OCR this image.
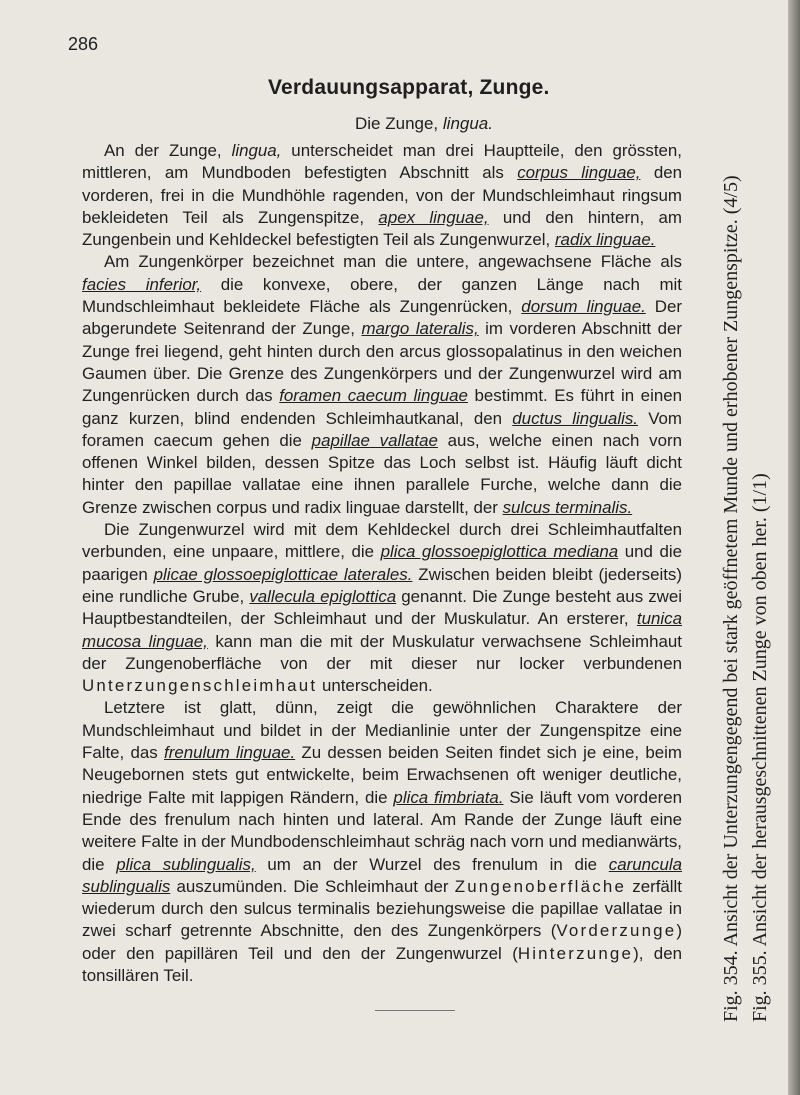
286
Verdauungsapparat, Zunge.
Die Zunge, lingua.

An der Zunge, lingua, unterscheidet man drei Hauptteile, den grössten, mittleren, am Mundboden befestigten Abschnitt als corpus linguae, den vorderen, frei in die Mundhöhle ragenden, von der Mundschleimhaut ringsum bekleideten Teil als Zungenspitze, apex linguae, und den hintern, am Zungenbein und Kehldeckel befestigten Teil als Zungenwurzel, radix linguae.

Am Zungenkörper bezeichnet man die untere, angewachsene Fläche als facies inferior, die konvexe, obere, der ganzen Länge nach mit Mundschleimhaut bekleidete Fläche als Zungenrücken, dorsum linguae. Der abgerundete Seitenrand der Zunge, margo lateralis, im vorderen Abschnitt der Zunge frei liegend, geht hinten durch den arcus glossopalatinus in den weichen Gaumen über. Die Grenze des Zungenkörpers und der Zungenwurzel wird am Zungenrücken durch das foramen caecum linguae bestimmt. Es führt in einen ganz kurzen, blind endenden Schleimhautkanal, den ductus lingualis. Vom foramen caecum gehen die papillae vallatae aus, welche einen nach vorn offenen Winkel bilden, dessen Spitze das Loch selbst ist. Häufig läuft dicht hinter den papillae vallatae eine ihnen parallele Furche, welche dann die Grenze zwischen corpus und radix linguae darstellt, der sulcus terminalis.

Die Zungenwurzel wird mit dem Kehldeckel durch drei Schleimhautfalten verbunden, eine unpaare, mittlere, die plica glossoepiglottica mediana und die paarigen plicae glossoepiglotticae laterales. Zwischen beiden bleibt (jederseits) eine rundliche Grube, vallecula epiglottica genannt. Die Zunge besteht aus zwei Hauptbestandteilen, der Schleimhaut und der Muskulatur. An ersterer, tunica mucosa linguae, kann man die mit der Muskulatur verwachsene Schleimhaut der Zungenoberfläche von der mit dieser nur locker verbundenen Unterzungenschleimhaut unterscheiden.

Letztere ist glatt, dünn, zeigt die gewöhnlichen Charaktere der Mundschleimhaut und bildet in der Medianlinie unter der Zungenspitze eine Falte, das frenulum linguae. Zu dessen beiden Seiten findet sich je eine, beim Neugebornen stets gut entwickelte, beim Erwachsenen oft weniger deutliche, niedrige Falte mit lappigen Rändern, die plica fimbriata. Sie läuft vom vorderen Ende des frenulum nach hinten und lateral. Am Rande der Zunge läuft eine weitere Falte in der Mundbodenschleimhaut schräg nach vorn und medianwärts, die plica sublingualis, um an der Wurzel des frenulum in die caruncula sublingualis auszumünden. Die Schleimhaut der Zungenoberfläche zerfällt wiederum durch den sulcus terminalis beziehungsweise die papillae vallatae in zwei scharf getrennte Abschnitte, den des Zungenkörpers (Vorderzunge) oder den papillären Teil und den der Zungenwurzel (Hinterzunge), den tonsillären Teil.	Fig. 354. Ansicht der Unterzungengegend bei stark geöffnetem Munde und erhobener Zungenspitze. (4/5) Fig. 355. Ansicht der herausgeschnittenen Zunge von oben her. (1/1)
